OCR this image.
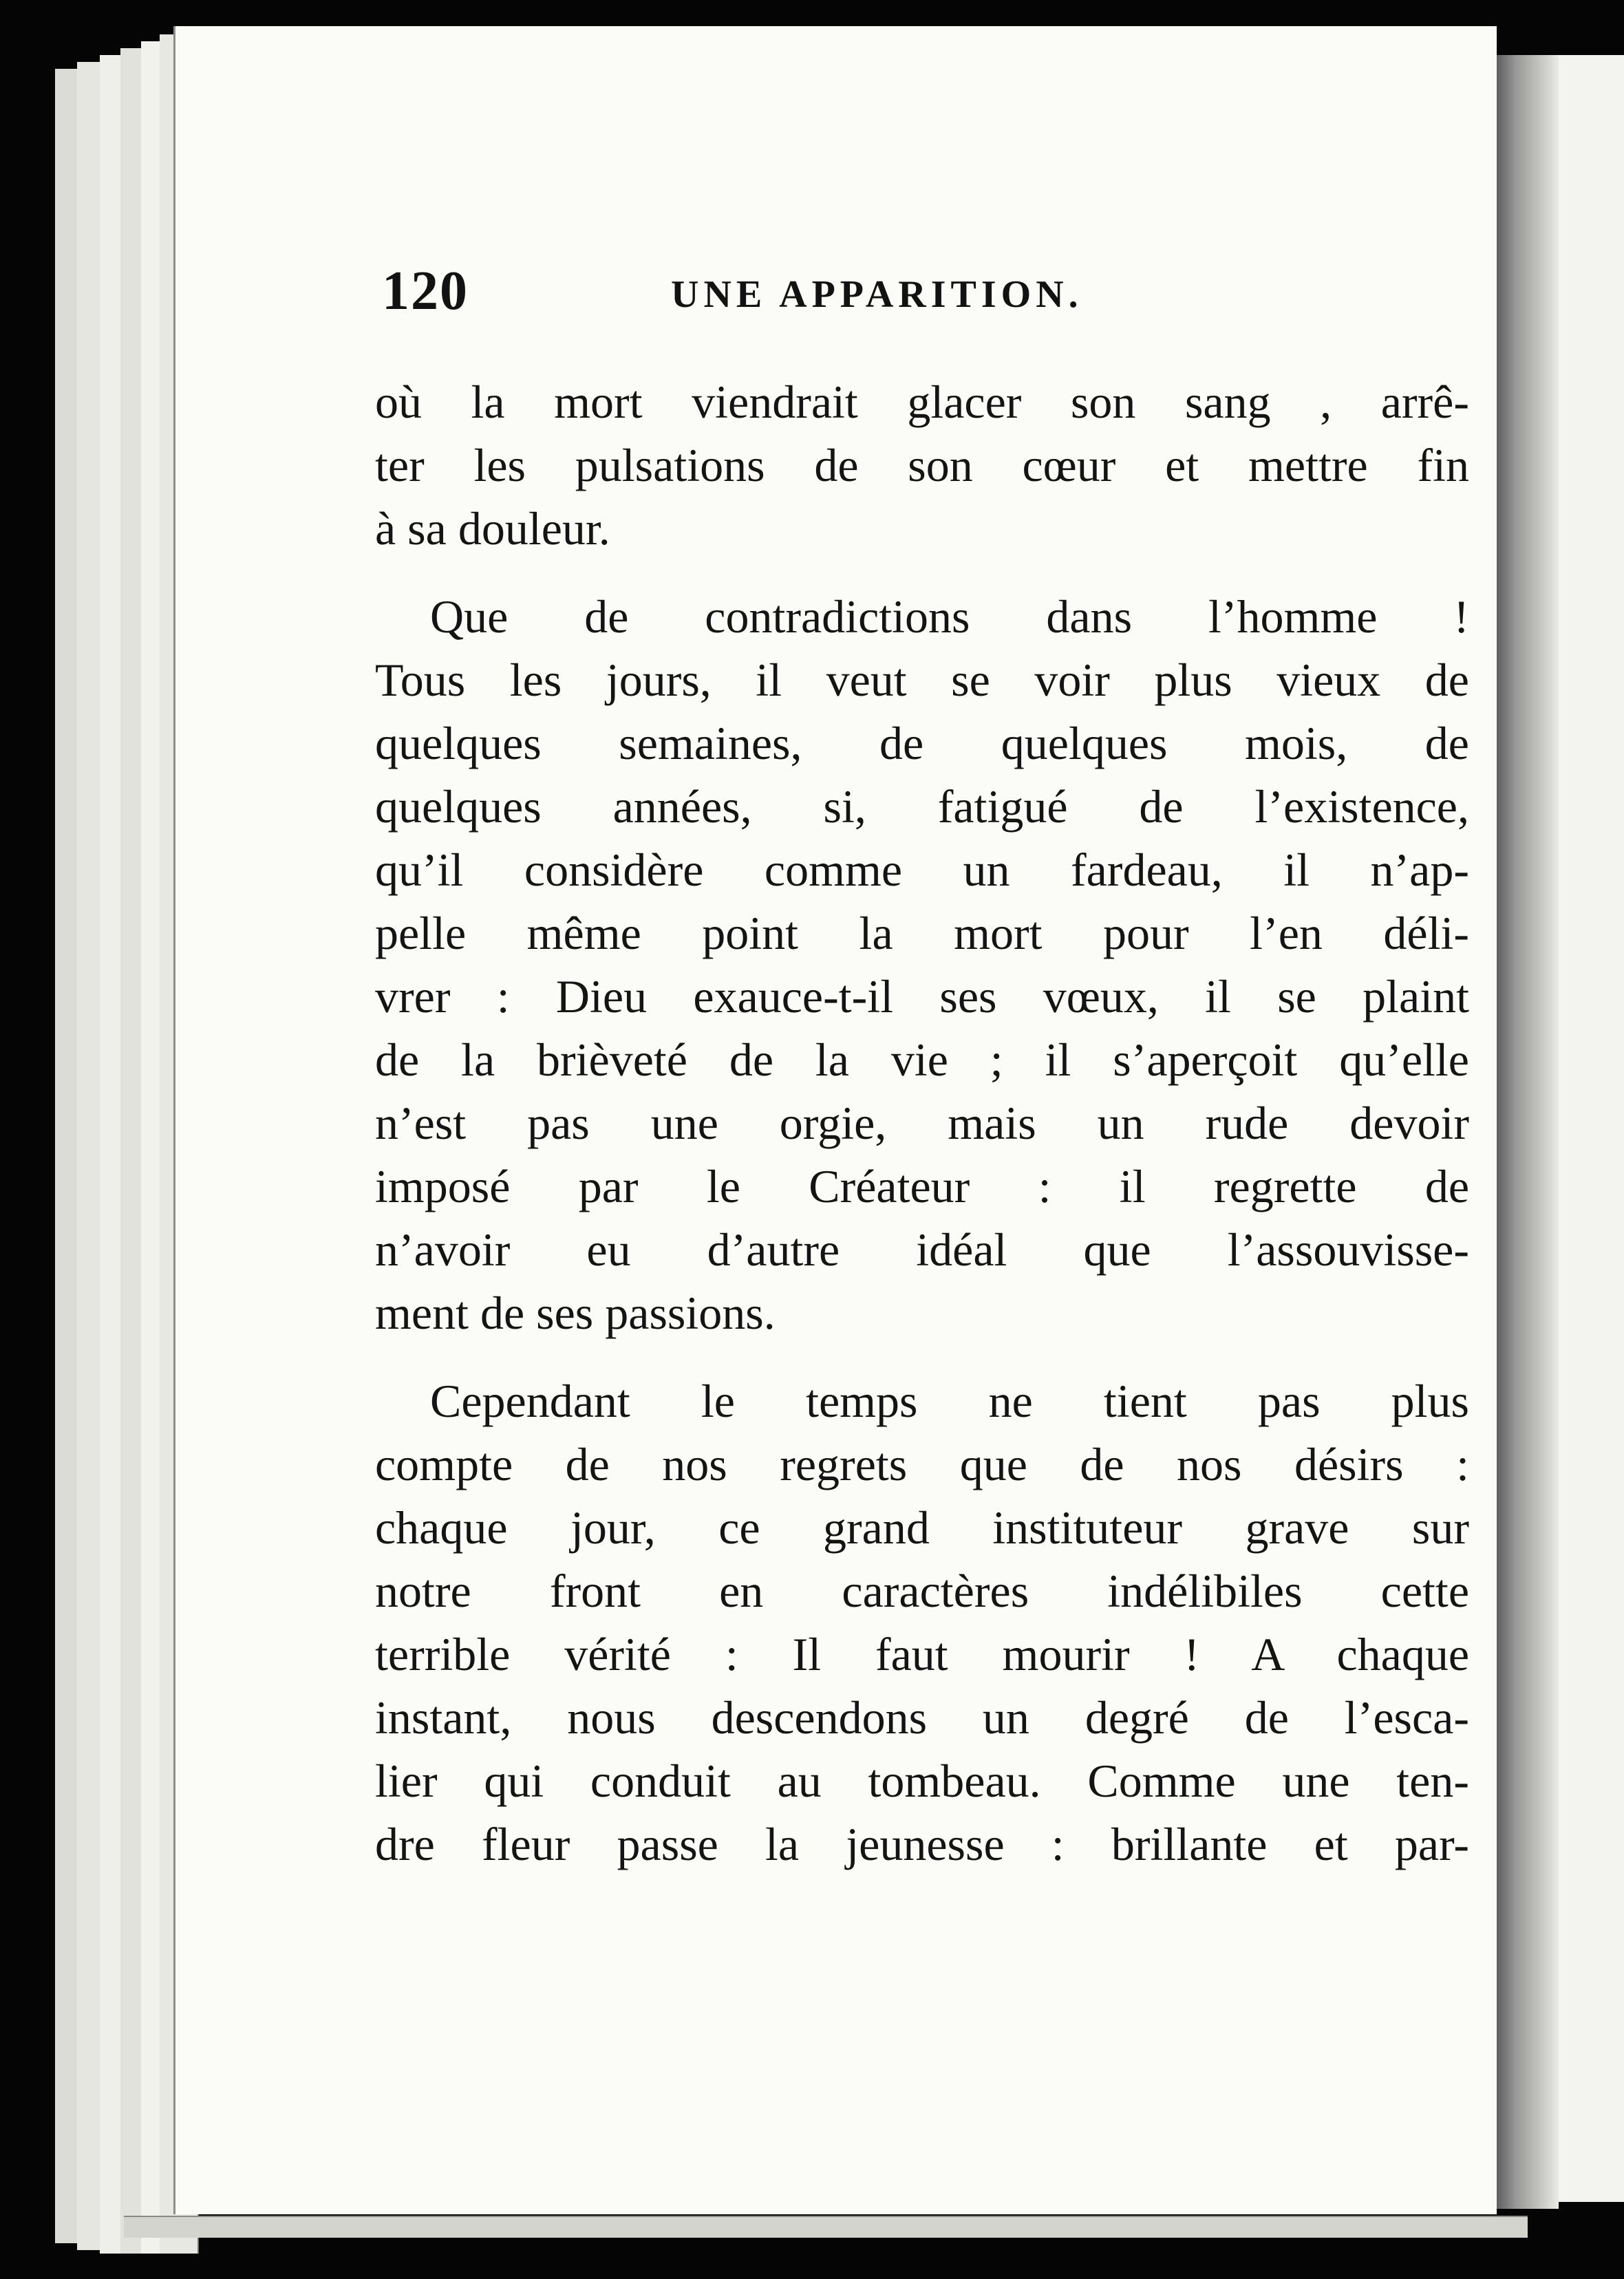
120	UNE APPARITION.
où la mort viendrait glacer son sang , arrê-
ter les pulsations de son cœur et mettre fin
à sa douleur.
Que de contradictions dans l’homme !
Tous les jours, il veut se voir plus vieux de
quelques semaines, de quelques mois, de
quelques années, si, fatigué de l’existence,
qu’il considère comme un fardeau, il n’ap-
pelle même point la mort pour l’en déli-
vrer : Dieu exauce-t-il ses vœux, il se plaint
de la brièveté de la vie ; il s’aperçoit qu’elle
n’est pas une orgie, mais un rude devoir
imposé par le Créateur : il regrette de
n’avoir eu d’autre idéal que l’assouvisse-
ment de ses passions.
Cependant le temps ne tient pas plus
compte de nos regrets que de nos désirs :
chaque jour, ce grand instituteur grave sur
notre front en caractères indélibiles cette
terrible vérité : Il faut mourir ! A chaque
instant, nous descendons un degré de l’esca-
lier qui conduit au tombeau. Comme une ten-
dre fleur passe la jeunesse : brillante et par-
